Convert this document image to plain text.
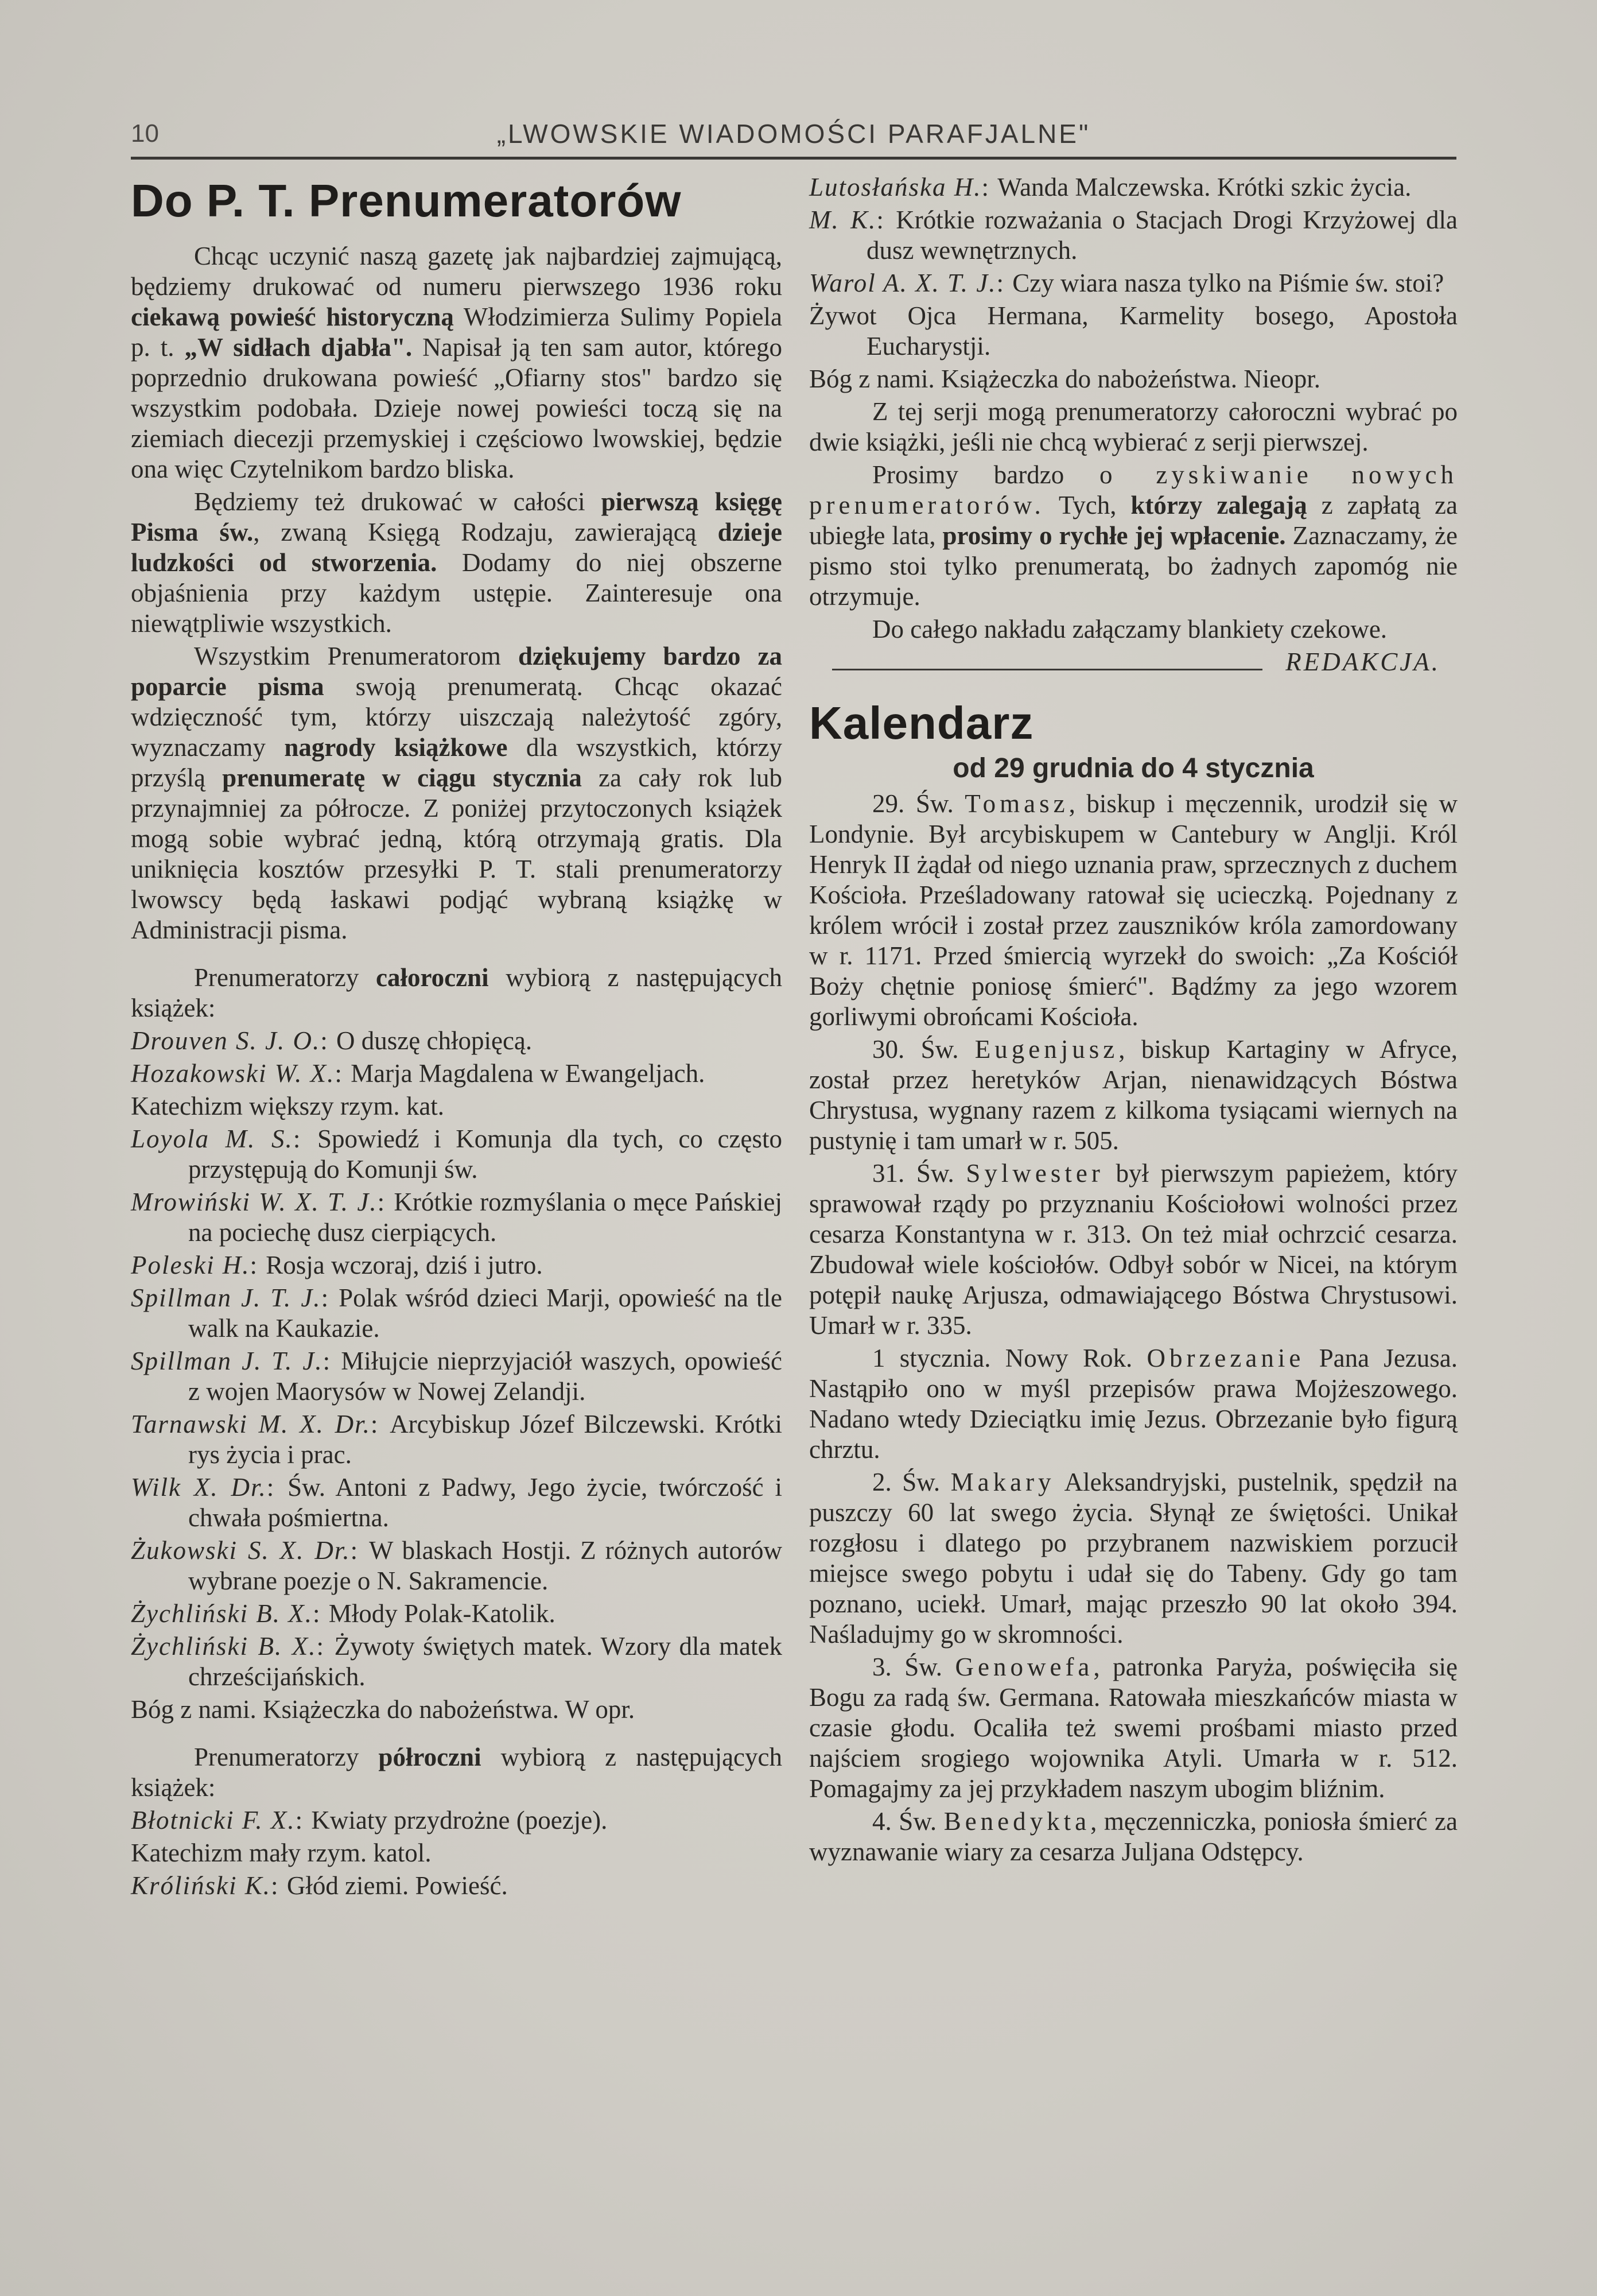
10	„LWOWSKIE WIADOMOŚCI PARAFJALNE"
Do P. T. Prenumeratorów

Chcąc uczynić naszą gazetę jak najbardziej zajmującą, będziemy drukować od numeru pierwszego 1936 roku ciekawą powieść historyczną Włodzimierza Sulimy Popiela p. t. „W sidłach djabła". Napisał ją ten sam autor, którego poprzednio drukowana powieść „Ofiarny stos" bardzo się wszystkim podobała. Dzieje nowej powieści toczą się na ziemiach diecezji przemyskiej i częściowo lwowskiej, będzie ona więc Czytelnikom bardzo bliska.

Będziemy też drukować w całości pierwszą księgę Pisma św., zwaną Księgą Rodzaju, zawierającą dzieje ludzkości od stworzenia. Dodamy do niej obszerne objaśnienia przy każdym ustępie. Zainteresuje ona niewątpliwie wszystkich.

Wszystkim Prenumeratorom dziękujemy bardzo za poparcie pisma swoją prenumeratą. Chcąc okazać wdzięczność tym, którzy uiszczają należytość zgóry, wyznaczamy nagrody książkowe dla wszystkich, którzy przyślą prenumeratę w ciągu stycznia za cały rok lub przynajmniej za półrocze. Z poniżej przytoczonych książek mogą sobie wybrać jedną, którą otrzymają gratis. Dla uniknięcia kosztów przesyłki P. T. stali prenumeratorzy lwowscy będą łaskawi podjąć wybraną książkę w Administracji pisma.

Prenumeratorzy całoroczni wybiorą z następujących książek:

Drouven S. J. O. : O duszę chłopięcą.
Hozakowski W. X. : Marja Magdalena w Ewangeljach.
Katechizm większy rzym. kat.
Loyola M. S. : Spowiedź i Komunja dla tych, co często przystępują do Komunji św.
Mrowiński W. X. T. J. : Krótkie rozmyślania o męce Pańskiej na pociechę dusz cierpiących.
Poleski H. : Rosja wczoraj, dziś i jutro.
Spillman J. T. J. : Polak wśród dzieci Marji, opowieść na tle walk na Kaukazie.
Spillman J. T. J. : Miłujcie nieprzyjaciół waszych, opowieść z wojen Maorysów w Nowej Zelandji.
Tarnawski M. X. Dr. : Arcybiskup Józef Bilczewski. Krótki rys życia i prac.
Wilk X. Dr. : Św. Antoni z Padwy, Jego życie, twórczość i chwała pośmiertna.
Żukowski S. X. Dr. : W blaskach Hostji. Z różnych autorów wybrane poezje o N. Sakramencie.
Żychliński B. X. : Młody Polak-Katolik.
Żychliński B. X. : Żywoty świętych matek. Wzory dla matek chrześcijańskich.
Bóg z nami. Książeczka do nabożeństwa. W opr.

Prenumeratorzy półroczni wybiorą z następujących książek:

Błotnicki F. X. : Kwiaty przydrożne (poezje).
Katechizm mały rzym. katol.
Króliński K. : Głód ziemi. Powieść.
Lutosłańska H. : Wanda Malczewska. Krótki szkic życia.
M. K. : Krótkie rozważania o Stacjach Drogi Krzyżowej dla dusz wewnętrznych.
Warol A. X. T. J. : Czy wiara nasza tylko na Piśmie św. stoi?
Żywot Ojca Hermana, Karmelity bosego, Apostoła Eucharystji.
Bóg z nami. Książeczka do nabożeństwa. Nieopr.

Z tej serji mogą prenumeratorzy całoroczni wybrać po dwie książki, jeśli nie chcą wybierać z serji pierwszej.

Prosimy bardzo o zyskiwanie nowych prenumeratorów. Tych, którzy zalegają z zapłatą za ubiegłe lata, prosimy o rychłe jej wpłacenie. Zaznaczamy, że pismo stoi tylko prenumeratą, bo żadnych zapomóg nie otrzymuje.

Do całego nakładu załączamy blankiety czekowe.

REDAKCJA.
Kalendarz
od 29 grudnia do 4 stycznia

29. Św. Tomasz, biskup i męczennik, urodził się w Londynie. Był arcybiskupem w Cantebury w Anglji. Król Henryk II żądał od niego uznania praw, sprzecznych z duchem Kościoła. Prześladowany ratował się ucieczką. Pojednany z królem wrócił i został przez zauszników króla zamordowany w r. 1171. Przed śmiercią wyrzekł do swoich: „Za Kościół Boży chętnie poniosę śmierć". Bądźmy za jego wzorem gorliwymi obrońcami Kościoła.

30. Św. Eugenjusz, biskup Kartaginy w Afryce, został przez heretyków Arjan, nienawidzących Bóstwa Chrystusa, wygnany razem z kilkoma tysiącami wiernych na pustynię i tam umarł w r. 505.

31. Św. Sylwester był pierwszym papieżem, który sprawował rządy po przyznaniu Kościołowi wolności przez cesarza Konstantyna w r. 313. On też miał ochrzcić cesarza. Zbudował wiele kościołów. Odbył sobór w Nicei, na którym potępił naukę Arjusza, odmawiającego Bóstwa Chrystusowi. Umarł w r. 335.

1 stycznia. Nowy Rok. Obrzezanie Pana Jezusa. Nastąpiło ono w myśl przepisów prawa Mojżeszowego. Nadano wtedy Dzieciątku imię Jezus. Obrzezanie było figurą chrztu.

2. Św. Makary Aleksandryjski, pustelnik, spędził na puszczy 60 lat swego życia. Słynął ze świętości. Unikał rozgłosu i dlatego po przybranem nazwiskiem porzucił miejsce swego pobytu i udał się do Tabeny. Gdy go tam poznano, uciekł. Umarł, mając przeszło 90 lat około 394. Naśladujmy go w skromności.

3. Św. Genowefa, patronka Paryża, poświęciła się Bogu za radą św. Germana. Ratowała mieszkańców miasta w czasie głodu. Ocaliła też swemi prośbami miasto przed najściem srogiego wojownika Atyli. Umarła w r. 512. Pomagajmy za jej przykładem naszym ubogim bliźnim.

4. Św. Benedykta, męczenniczka, poniosła śmierć za wyznawanie wiary za cesarza Juljana Odstępcy.
